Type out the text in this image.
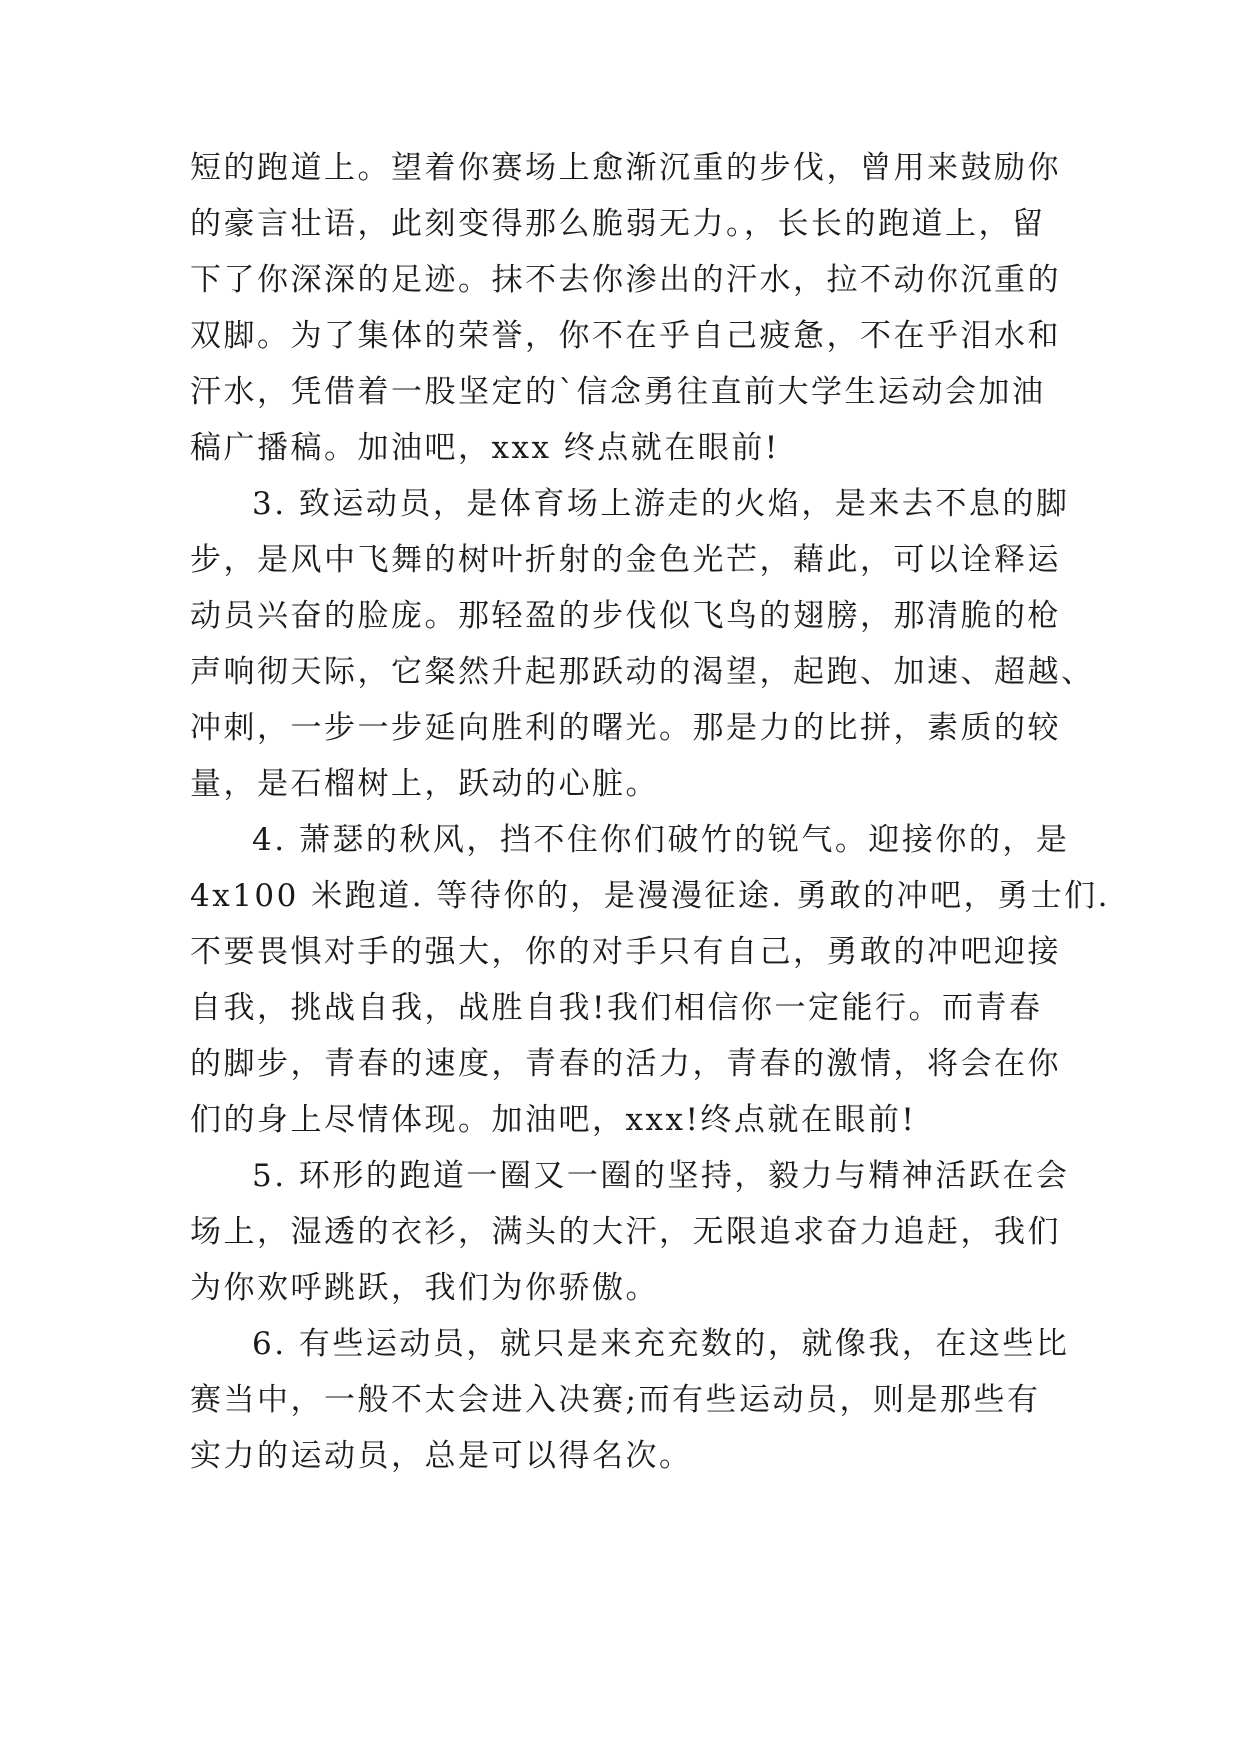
短的跑道上。望着你赛场上愈渐沉重的步伐，曾用来鼓励你
的豪言壮语，此刻变得那么脆弱无力。，长长的跑道上，留
下了你深深的足迹。抹不去你渗出的汗水，拉不动你沉重的
双脚。为了集体的荣誉，你不在乎自己疲惫，不在乎泪水和
汗水，凭借着一股坚定的`信念勇往直前大学生运动会加油
稿广播稿。加油吧，xxx 终点就在眼前!
3. 致运动员，是体育场上游走的火焰，是来去不息的脚
步，是风中飞舞的树叶折射的金色光芒，藉此，可以诠释运
动员兴奋的脸庞。那轻盈的步伐似飞鸟的翅膀，那清脆的枪
声响彻天际，它粲然升起那跃动的渴望，起跑、加速、超越、
冲刺，一步一步延向胜利的曙光。那是力的比拼，素质的较
量，是石榴树上，跃动的心脏。
4. 萧瑟的秋风，挡不住你们破竹的锐气。迎接你的，是
4x100 米跑道. 等待你的，是漫漫征途. 勇敢的冲吧，勇士们.
不要畏惧对手的强大，你的对手只有自己，勇敢的冲吧迎接
自我，挑战自我，战胜自我!我们相信你一定能行。而青春
的脚步，青春的速度，青春的活力，青春的激情，将会在你
们的身上尽情体现。加油吧，xxx!终点就在眼前!
5. 环形的跑道一圈又一圈的坚持，毅力与精神活跃在会
场上，湿透的衣衫，满头的大汗，无限追求奋力追赶，我们
为你欢呼跳跃，我们为你骄傲。
6. 有些运动员，就只是来充充数的，就像我，在这些比
赛当中，一般不太会进入决赛;而有些运动员，则是那些有
实力的运动员，总是可以得名次。
